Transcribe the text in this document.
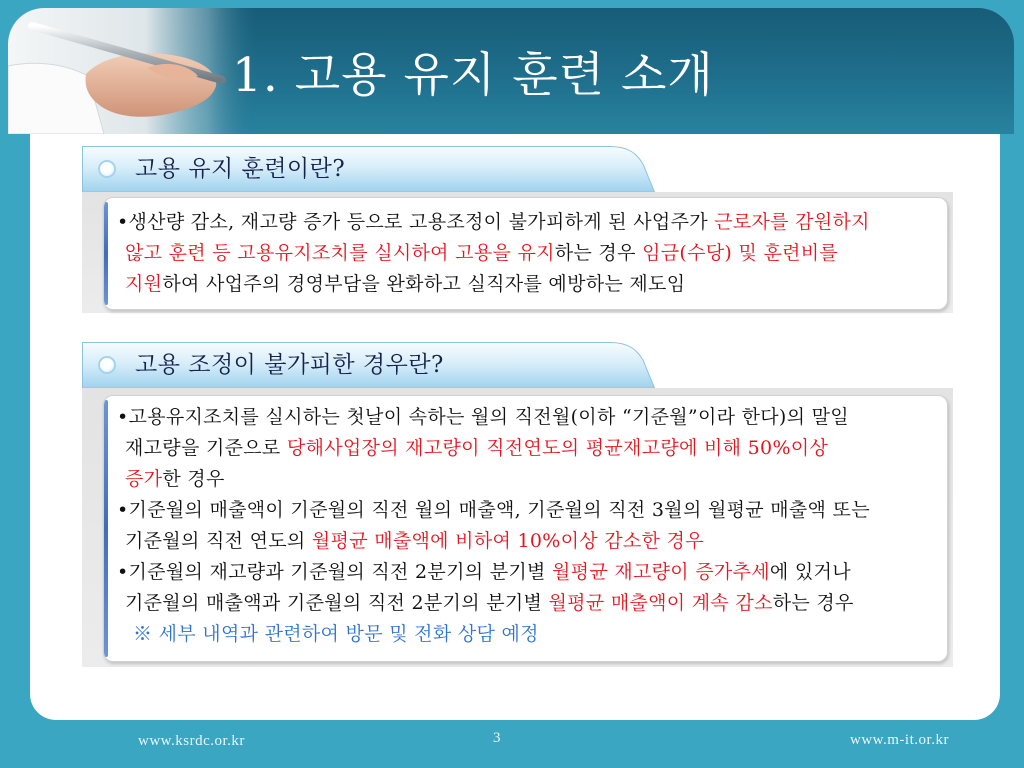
1. 고용 유지 훈련 소개
고용 유지 훈련이란?
•생산량 감소, 재고량 증가 등으로 고용조정이 불가피하게 된 사업주가 근로자를 감원하지
않고 훈련 등 고용유지조치를 실시하여 고용을 유지하는 경우 임금(수당) 및 훈련비를
지원하여 사업주의 경영부담을 완화하고 실직자를 예방하는 제도임
고용 조정이 불가피한 경우란?
•고용유지조치를 실시하는 첫날이 속하는 월의 직전월(이하 “기준월”이라 한다)의 말일
재고량을 기준으로 당해사업장의 재고량이 직전연도의 평균재고량에 비해 50%이상
증가한 경우
•기준월의 매출액이 기준월의 직전 월의 매출액, 기준월의 직전 3월의 월평균 매출액 또는
기준월의 직전 연도의 월평균 매출액에 비하여 10%이상 감소한 경우
•기준월의 재고량과 기준월의 직전 2분기의 분기별 월평균 재고량이 증가추세에 있거나
기준월의 매출액과 기준월의 직전 2분기의 분기별 월평균 매출액이 계속 감소하는 경우
※ 세부 내역과 관련하여 방문 및 전화 상담 예정
www.ksrdc.or.kr	3	www.m-it.or.kr
